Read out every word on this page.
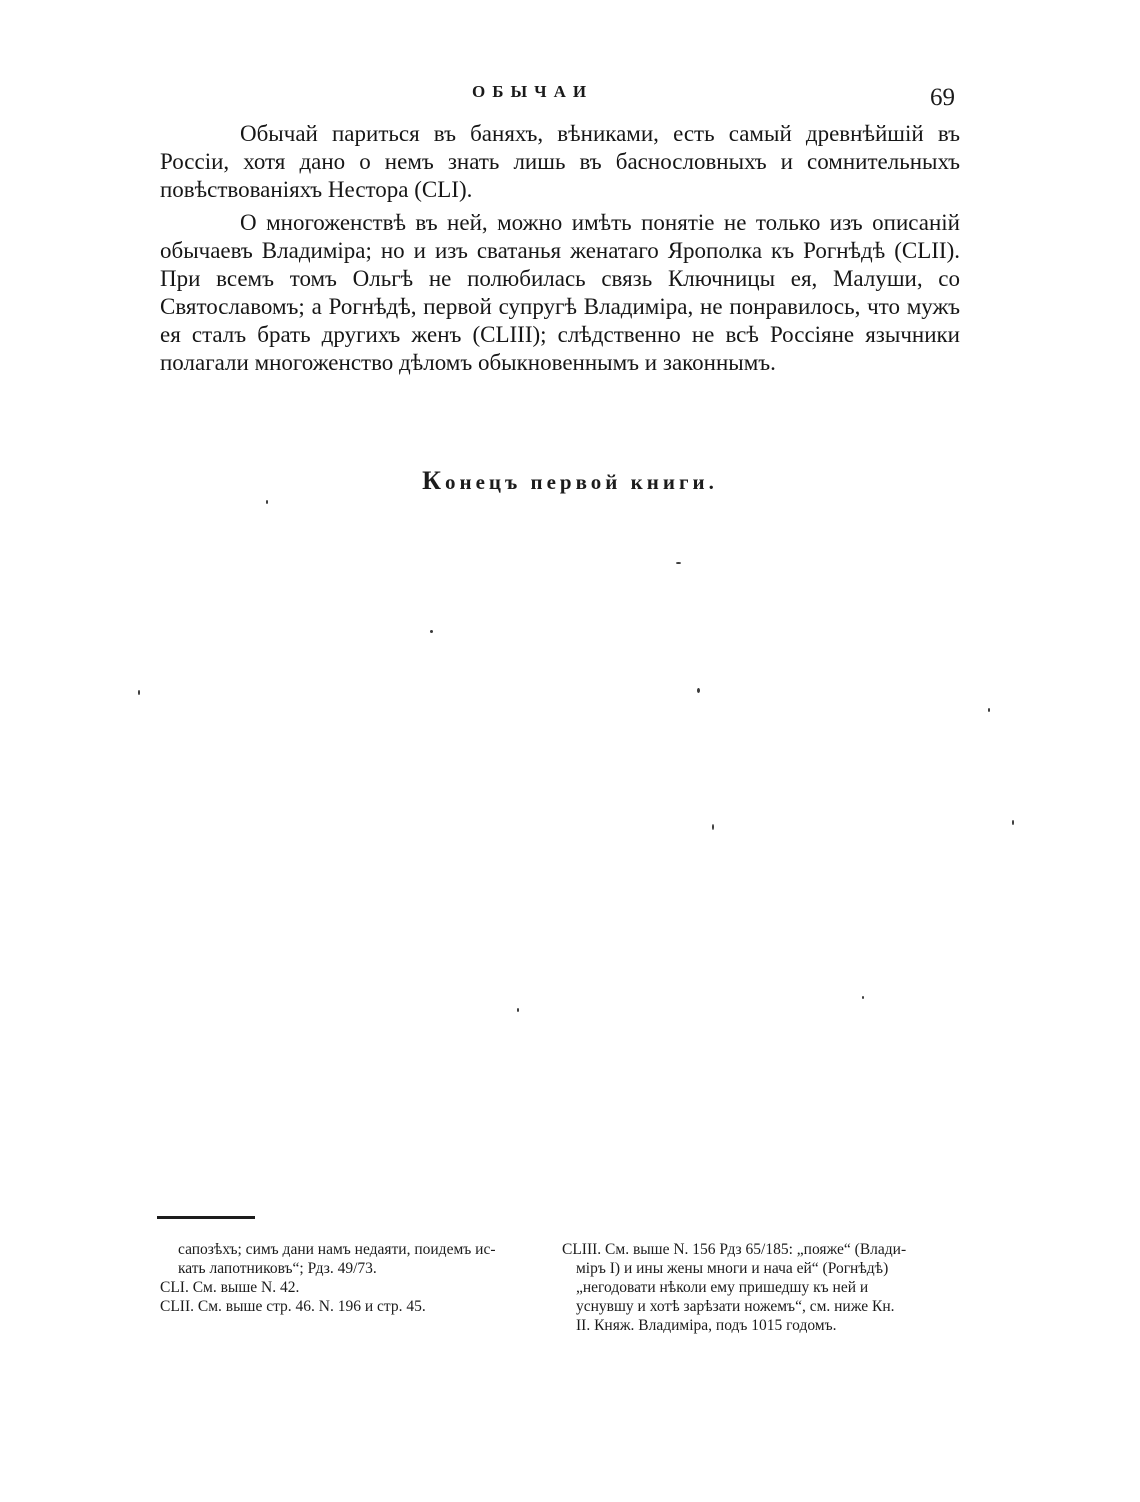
ОБЫЧАИ	69

Обычай париться въ баняхъ, вѣниками, есть самый древнѣйшій въ Россіи, хотя дано о немъ знать лишь въ баснословныхъ и сомнительныхъ повѣствованіяхъ Нестора (CLI).

О многоженствѣ въ ней, можно имѣть понятіе не только изъ описаній обычаевъ Владиміра; но и изъ сватанья женатаго Ярополка къ Рогнѣдѣ (CLII). При всемъ томъ Ольгѣ не полюбилась связь Ключницы ея, Малуши, со Святославомъ; а Рогнѣдѣ, первой супругѣ Владиміра, не понравилось, что мужъ ея сталъ брать другихъ женъ (CLIII); слѣдственно не всѣ Россіяне язычники полагали многоженство дѣломъ обыкновеннымъ и законнымъ.

Конецъ первой книги.
сапозѣхъ; симъ дани намъ недаяти, поидемъ ис-
кать лапотниковъ“; Рдз. 49/73.
CLI. См. выше N. 42.
CLII. См. выше стр. 46. N. 196 и стр. 45.
CLIII. См. выше N. 156 Рдз 65/185: „пояже“ (Влади-
міръ I) и ины жены многи и нача ей“ (Рогнѣдѣ)
„негодовати нѣколи ему пришедшу къ ней и
уснувшу и хотѣ зарѣзати ножемъ“, см. ниже Кн.
II. Княж. Владиміра, подъ 1015 годомъ.
